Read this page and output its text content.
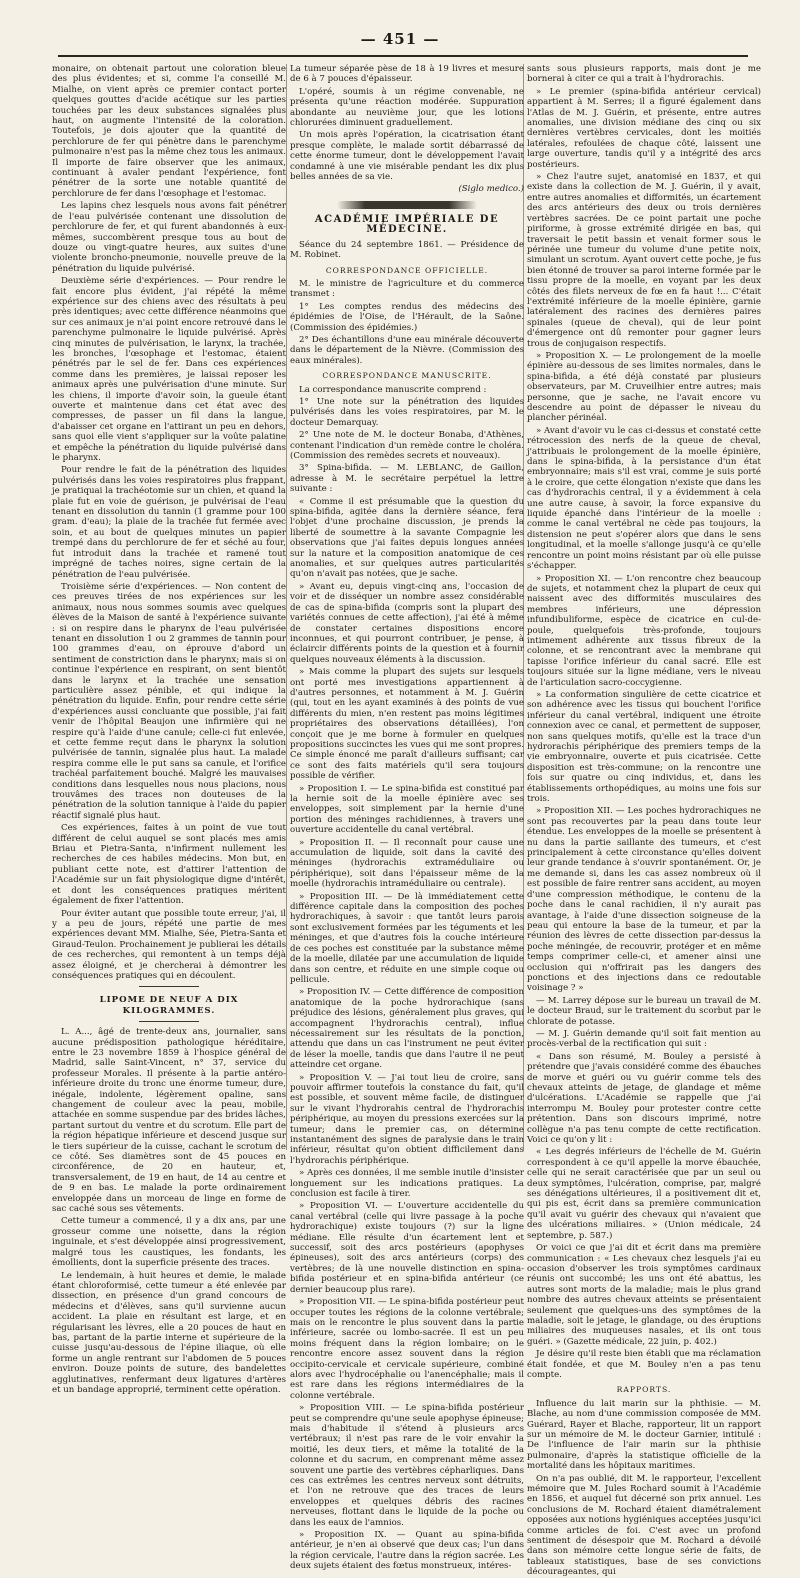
— 451 —

monaire, on obtenait partout une coloration bleue des plus évidentes; et si, comme l'a conseillé M. Mialhe, on vient après ce premier contact porter quelques gouttes d'acide acétique sur les parties touchées par les deux substances signalées plus haut, on augmente l'intensité de la coloration. Toutefois, je dois ajouter que la quantité de perchlorure de fer qui pénètre dans le parenchyme pulmonaire n'est pas la même chez tous les animaux. Il importe de faire observer que les animaux, continuant à avaler pendant l'expérience, font pénétrer de la sorte une notable quantité de perchlorure de fer dans l'œsophage et l'estomac.

Les lapins chez lesquels nous avons fait pénétrer de l'eau pulvérisée contenant une dissolution de perchlorure de fer, et qui furent abandonnés à eux-mêmes, succombèrent presque tous au bout de douze ou vingt-quatre heures, aux suites d'une violente broncho-pneumonie, nouvelle preuve de la pénétration du liquide pulvérisé.

Deuxième série d'expériences. — Pour rendre le fait encore plus évident, j'ai répété la même expérience sur des chiens avec des résultats à peu près identiques; avec cette différence néanmoins que sur ces animaux je n'ai point encore retrouvé dans le parenchyme pulmonaire le liquide pulvérisé. Après cinq minutes de pulvérisation, le larynx, la trachée, les bronches, l'œsophage et l'estomac, étaient pénétrés par le sel de fer. Dans ces expériences comme dans les premières, je laissai reposer les animaux après une pulvérisation d'une minute. Sur les chiens, il importe d'avoir soin, la gueule étant ouverte et maintenue dans cet état avec des compresses, de passer un fil dans la langue, d'abaisser cet organe en l'attirant un peu en dehors, sans quoi elle vient s'appliquer sur la voûte palatine et empêche la pénétration du liquide pulvérisé dans le pharynx.

Pour rendre le fait de la pénétration des liquides pulvérisés dans les voies respiratoires plus frappant, je pratiquai la trachéotomie sur un chien, et quand la plaie fut en voie de guérison, je pulvérisai de l'eau tenant en dissolution du tannin (1 gramme pour 100 gram. d'eau); la plaie de la trachée fut fermée avec soin, et au bout de quelques minutes un papier trempé dans du perchlorure de fer et séché au four, fut introduit dans la trachée et ramené tout imprégné de taches noires, signe certain de la pénétration de l'eau pulvérisée.

Troisième série d'expériences. — Non content de ces preuves tirées de nos expériences sur les animaux, nous nous sommes soumis avec quelques élèves de la Maison de santé à l'expérience suivante : si on respire dans le pharynx de l'eau pulvérisée tenant en dissolution 1 ou 2 grammes de tannin pour 100 grammes d'eau, on éprouve d'abord un sentiment de constriction dans le pharynx; mais si on continue l'expérience en respirant, on sent bientôt dans le larynx et la trachée une sensation particulière assez pénible, et qui indique la pénétration du liquide. Enfin, pour rendre cette série d'expériences aussi concluante que possible, j'ai fait venir de l'hôpital Beaujon une infirmière qui ne respire qu'à l'aide d'une canule; celle-ci fut enlevée, et cette femme reçut dans le pharynx la solution pulvérisée de tannin, signalée plus haut. La malade respira comme elle le put sans sa canule, et l'orifice trachéal parfaitement bouché. Malgré les mauvaises conditions dans lesquelles nous nous placions, nous trouvâmes des traces non douteuses de la pénétration de la solution tannique à l'aide du papier réactif signalé plus haut.

Ces expériences, faites à un point de vue tout différent de celui auquel se sont placés mes amis Briau et Pietra-Santa, n'infirment nullement les recherches de ces habiles médecins. Mon but, en publiant cette note, est d'attirer l'attention de l'Académie sur un fait physiologique digne d'intérêt, et dont les conséquences pratiques méritent également de fixer l'attention.

Pour éviter autant que possible toute erreur, j'ai, il y a peu de jours, répété une partie de mes expériences devant MM. Mialhe, Sée, Pietra-Santa et Giraud-Teulon. Prochainement je publierai les détails de ces recherches, qui remontent à un temps déjà assez éloigné, et je chercherai à démontrer les conséquences pratiques qui en découlent.

LIPOME DE NEUF A DIX KILOGRAMMES.

L. A..., âgé de trente-deux ans, journalier, sans aucune prédisposition pathologique héréditaire, entre le 23 novembre 1859 à l'hospice général de Madrid, salle Saint-Vincent, n° 37, service du professeur Morales. Il présente à la partie antéro-inférieure droite du tronc une énorme tumeur, dure, inégale, indolente, légèrement opaline, sans changement de couleur avec la peau, mobile, attachée en somme suspendue par des brides lâches, partant surtout du ventre et du scrotum. Elle part de la région hépatique inférieure et descend jusque sur le tiers supérieur de la cuisse, cachant le scrotum de ce côté. Ses diamètres sont de 45 pouces en circonférence, de 20 en hauteur, et, transversalement, de 19 en haut, de 14 au centre et de 9 en bas. Le malade la porte ordinairement enveloppée dans un morceau de linge en forme de sac caché sous ses vêtements.

Cette tumeur a commencé, il y a dix ans, par une grosseur comme une noisette, dans la région inguinale, et s'est développée ainsi progressivement, malgré tous les caustiques, les fondants, les émollients, dont la superficie présente des traces.

Le lendemain, à huit heures et demie, le malade étant chloroformisé, cette tumeur a été enlevée par dissection, en présence d'un grand concours de médecins et d'élèves, sans qu'il survienne aucun accident. La plaie en résultant est large, et en régularisant les lèvres, elle a 20 pouces de haut en bas, partant de la partie interne et supérieure de la cuisse jusqu'au-dessous de l'épine iliaque, où elle forme un angle rentrant sur l'abdomen de 5 pouces environ. Douze points de suture, des bandelettes agglutinatives, renfermant deux ligatures d'artères et un bandage approprié, terminent cette opération.

La tumeur séparée pèse de 18 à 19 livres et mesure de 6 à 7 pouces d'épaisseur.

L'opéré, soumis à un régime convenable, ne présenta qu'une réaction modérée. Suppuration abondante au neuvième jour, que les lotions chlorurées diminuent graduellement.

Un mois après l'opération, la cicatrisation étant presque complète, le malade sortit débarrassé de cette énorme tumeur, dont le développement l'avait condamné à une vie misérable pendant les dix plus belles années de sa vie.

(Siglo medico.)
ACADÉMIE IMPÉRIALE DE MÉDECINE.

Séance du 24 septembre 1861. — Présidence de M. Robinet.

CORRESPONDANCE OFFICIELLE.

M. le ministre de l'agriculture et du commerce transmet :

1° Les comptes rendus des médecins des épidémies de l'Oise, de l'Hérault, de la Saône. (Commission des épidémies.)

2° Des échantillons d'une eau minérale découverte dans le département de la Nièvre. (Commission des eaux minérales).

CORRESPONDANCE MANUSCRITE.

La correspondance manuscrite comprend :

1° Une note sur la pénétration des liquides pulvérisés dans les voies respiratoires, par M. le docteur Demarquay.

2° Une note de M. le docteur Bonaba, d'Athènes, contenant l'indication d'un remède contre le choléra. (Commission des remèdes secrets et nouveaux).

3° Spina-bifida. — M. LEBLANC, de Gaillon, adresse à M. le secrétaire perpétuel la lettre suivante :

« Comme il est présumable que la question du spina-bifida, agitée dans la dernière séance, fera l'objet d'une prochaine discussion, je prends la liberté de soumettre à la savante Compagnie les observations que j'ai faites depuis longues années sur la nature et la composition anatomique de ces anomalies, et sur quelques autres particularités qu'on n'avait pas notées, que je sache.

» Avant eu, depuis vingt-cinq ans, l'occasion de voir et de disséquer un nombre assez considérable de cas de spina-bifida (compris sont la plupart des variétés connues de cette affection), j'ai été à même de constater certaines dispositions encore inconnues, et qui pourront contribuer, je pense, à éclaircir différents points de la question et à fournir quelques nouveaux éléments à la discussion.

» Mais comme la plupart des sujets sur lesquels ont porté mes investigations appartiennent à d'autres personnes, et notamment à M. J. Guérin (qui, tout en les ayant examinés à des points de vue différents du mien, n'en restent pas moins légitimes propriétaires des observations détaillées), l'on conçoit que je me borne à formuler en quelques propositions succinctes les vues qui me sont propres. Ce simple énoncé me paraît d'ailleurs suffisant; car ce sont des faits matériels qu'il sera toujours possible de vérifier.

» Proposition I. — Le spina-bifida est constitué par la hernie soit de la moelle épinière avec ses enveloppes, soit simplement par la hernie d'une portion des méninges rachidiennes, à travers une ouverture accidentelle du canal vertébral.

» Proposition II. — Il reconnaît pour cause une accumulation de liquide, soit dans la cavité des méninges (hydrorachis extraméduliaire ou périphérique), soit dans l'épaisseur même de la moelle (hydrorachis intraméduliaire ou centrale).

» Proposition III. — De là immédiatement cette différence capitale dans la composition des poches hydrorachiques, à savoir : que tantôt leurs parois sont exclusivement formées par les téguments et les méninges, et que d'autres fois la couche intérieure de ces poches est constituée par la substance même de la moelle, dilatée par une accumulation de liquide dans son centre, et réduite en une simple coque ou pellicule.

» Proposition IV. — Cette différence de composition anatomique de la poche hydrorachique (sans préjudice des lésions, généralement plus graves, qui accompagnent l'hydrorachis central), influe nécessairement sur les résultats de la ponction, attendu que dans un cas l'instrument ne peut éviter de léser la moelle, tandis que dans l'autre il ne peut atteindre cet organe.

» Proposition V. — J'ai tout lieu de croire, sans pouvoir affirmer toutefois la constance du fait, qu'il est possible, et souvent même facile, de distinguer sur le vivant l'hydrorahis central de l'hydrorachis périphérique, au moyen du pressions exercées sur la tumeur; dans le premier cas, on détermine instantanément des signes de paralysie dans le train inférieur, résultat qu'on obtient difficilement dans l'hydrorachis périphérique.

» Après ces données, il me semble inutile d'insister longuement sur les indications pratiques. La conclusion est facile à tirer.

» Proposition VI. — L'ouverture accidentelle du canal vertébral (celle qui livre passage à la poche hydrorachique) existe toujours (?) sur la ligne médiane. Elle résulte d'un écartement lent et successif, soit des arcs postérieurs (apophyses épineuses), soit des arcs antérieurs (corps) des vertèbres; de là une nouvelle distinction en spina-bifida postérieur et en spina-bifida antérieur (ce dernier beaucoup plus rare).

» Proposition VII. — Le spina-bifida postérieur peut occuper toutes les régions de la colonne vertébrale; mais on le rencontre le plus souvent dans la partie inférieure, sacrée ou lombo-sacrée. Il est un peu moins fréquent dans la région lombaire; on le rencontre encore assez souvent dans la région occipito-cervicale et cervicale supérieure, combiné alors avec l'hydrocéphalie ou l'anencéphalie; mais il est rare dans les régions intermédiaires de la colonne vertébrale.

» Proposition VIII. — Le spina-bifida postérieur peut se comprendre qu'une seule apophyse épineuse; mais d'habitude il s'étend à plusieurs arcs vertébraux; il n'est pas rare de le voir envahir la moitié, les deux tiers, et même la totalité de la colonne et du sacrum, en comprenant même assez souvent une partie des vertèbres cépharliques. Dans ces cas extrêmes les centres nerveux sont détruits, et l'on ne retrouve que des traces de leurs enveloppes et quelques débris des racines nerveuses, flottant dans le liquide de la poche ou dans les eaux de l'amnios.

» Proposition IX. — Quant au spina-bifida antérieur, je n'en ai observé que deux cas; l'un dans la région cervicale, l'autre dans la région sacrée. Les deux sujets étaient des fœtus monstrueux, intéres-

sants sous plusieurs rapports, mais dont je me bornerai à citer ce qui a trait à l'hydrorachis.

» Le premier (spina-bifida antérieur cervical) appartient à M. Serres; il a figuré également dans l'Atlas de M. J. Guérin, et présente, entre autres anomalies, une division médiane des cinq ou six dernières vertèbres cervicales, dont les moitiés latérales, refoulées de chaque côté, laissent une large ouverture, tandis qu'il y a intégrité des arcs postérieurs.

» Chez l'autre sujet, anatomisé en 1837, et qui existe dans la collection de M. J. Guérin, il y avait, entre autres anomalies et difformités, un écartement des arcs antérieurs des deux ou trois dernières vertèbres sacrées. De ce point partait une poche piriforme, à grosse extrémité dirigée en bas, qui traversait le petit bassin et venait former sous le périnée une tumeur du volume d'une petite noix, simulant un scrotum. Ayant ouvert cette poche, je fus bien étonné de trouver sa paroi interne formée par le tissu propre de la moelle, en voyant par les deux côtés des filets nerveux de fœ en fa haut !... C'était l'extrémité inférieure de la moelle épinière, garnie latéralement des racines des dernières paires spinales (queue de cheval), qui de leur point d'émergence ont dû remonter pour gagner leurs trous de conjugaison respectifs.

» Proposition X. — Le prolongement de la moelle épinière au-dessous de ses limites normales, dans le spina-bifida, a été déjà constaté par plusieurs observateurs, par M. Cruveilhier entre autres; mais personne, que je sache, ne l'avait encore vu descendre au point de dépasser le niveau du plancher périnéal.

» Avant d'avoir vu le cas ci-dessus et constaté cette rétrocession des nerfs de la queue de cheval, j'attribuais le prolongement de la moelle épinière, dans le spina-bifida, à la persistance d'un état embryonnaire; mais s'il est vrai, comme je suis porté à le croire, que cette élongation n'existe que dans les cas d'hydrorachis central, il y a évidemment à cela une autre cause, à savoir, la force expansive du liquide épanché dans l'intérieur de la moelle : comme le canal vertébral ne cède pas toujours, la distension ne peut s'opérer alors que dans le sens longitudinal, et la moelle s'allonge jusqu'à ce qu'elle rencontre un point moins résistant par où elle puisse s'échapper.

» Proposition XI. — L'on rencontre chez beaucoup de sujets, et notamment chez la plupart de ceux qui naissent avec des difformités musculaires des membres inférieurs, une dépression infundibuliforme, espèce de cicatrice en cul-de-poule, quelquefois très-profonde, toujours intimement adhérente aux tissus fibreux de la colonne, et se rencontrant avec la membrane qui tapisse l'orifice inférieur du canal sacré. Elle est toujours située sur la ligne médiane, vers le niveau de l'articulation sacro-coccygienne.

» La conformation singulière de cette cicatrice et son adhérence avec les tissus qui bouchent l'orifice inférieur du canal vertébral, indiquent une étroite connexion avec ce canal, et permettent de supposer, non sans quelques motifs, qu'elle est la trace d'un hydrorachis périphérique des premiers temps de la vie embryonnaire, ouverte et puis cicatrisée. Cette disposition est très-commune; on la rencontre une fois sur quatre ou cinq individus, et, dans les établissements orthopédiques, au moins une fois sur trois.

» Proposition XII. — Les poches hydrorachiques ne sont pas recouvertes par la peau dans toute leur étendue. Les enveloppes de la moelle se présentent à nu dans la partie saillante des tumeurs, et c'est principalement à cette circonstance qu'elles doivent leur grande tendance à s'ouvrir spontanément. Or, je me demande si, dans les cas assez nombreux où il est possible de faire rentrer sans accident, au moyen d'une compression méthodique, le contenu de la poche dans le canal rachidien, il n'y aurait pas avantage, à l'aide d'une dissection soigneuse de la peau qui entoure la base de la tumeur, et par la réunion des lèvres de cette dissection par-dessus la poche méningée, de recouvrir, protéger et en même temps comprimer celle-ci, et amener ainsi une occlusion qui n'offrirait pas les dangers des ponctions et des injections dans ce redoutable voisinage ? »

— M. Larrey dépose sur le bureau un travail de M. le docteur Braud, sur le traitement du scorbut par le chlorate de potasse.

— M. J. Guérin demande qu'il soit fait mention au procès-verbal de la rectification qui suit :

« Dans son résumé, M. Bouley a persisté à prétendre que j'avais considéré comme des ébauches de morve et guéri ou vu guérir comme tels des chevaux atteints de jetage, de glandage et même d'ulcérations. L'Académie se rappelle que j'ai interrompu M. Bouley pour protester contre cette prétention. Dans son discours imprimé, notre collègue n'a pas tenu compte de cette rectification. Voici ce qu'on y lit :

« Les degrés inférieurs de l'échelle de M. Guérin correspondent à ce qu'il appelle la morve ébauchée, celle qui ne serait caractérisée que par un seul ou deux symptômes, l'ulcération, comprise, par, malgré ses dénégations ultérieures, il a positivement dit et, qui pis est, écrit dans sa première communication qu'il avait vu guérir des chevaux qui n'avaient que des ulcérations miliaires. » (Union médicale, 24 septembre, p. 587.)

Or voici ce que j'ai dit et écrit dans ma première communication : « Les chevaux chez lesquels j'ai eu occasion d'observer les trois symptômes cardinaux réunis ont succombé; les uns ont été abattus, les autres sont morts de la maladie; mais le plus grand nombre des autres chevaux atteints se présentaient seulement que quelques-uns des symptômes de la maladie, soit le jetage, le glandage, ou des éruptions miliaires des muqueuses nasales, et ils ont tous guéri. » (Gazette médicale, 22 juin, p. 402.)

Je désire qu'il reste bien établi que ma réclamation était fondée, et que M. Bouley n'en a pas tenu compte.

RAPPORTS.

Influence du lait marin sur la phthisie. — M. Blache, au nom d'une commission composée de MM. Guérard, Rayer et Blache, rapporteur, lit un rapport sur un mémoire de M. le docteur Garnier, intitulé : De l'influence de l'air marin sur la phthisie pulmonaire, d'après la statistique officielle de la mortalité dans les hôpitaux maritimes.

On n'a pas oublié, dit M. le rapporteur, l'excellent mémoire que M. Jules Rochard soumit à l'Académie en 1856, et auquel fut décerné son prix annuel. Les conclusions de M. Rochard étaient diamétralement opposées aux notions hygiéniques acceptées jusqu'ici comme articles de foi. C'est avec un profond sentiment de désespoir que M. Rochard a dévoilé dans son mémoire cette longue série de faits, de tableaux statistiques, base de ses convictions décourageantes, qui
